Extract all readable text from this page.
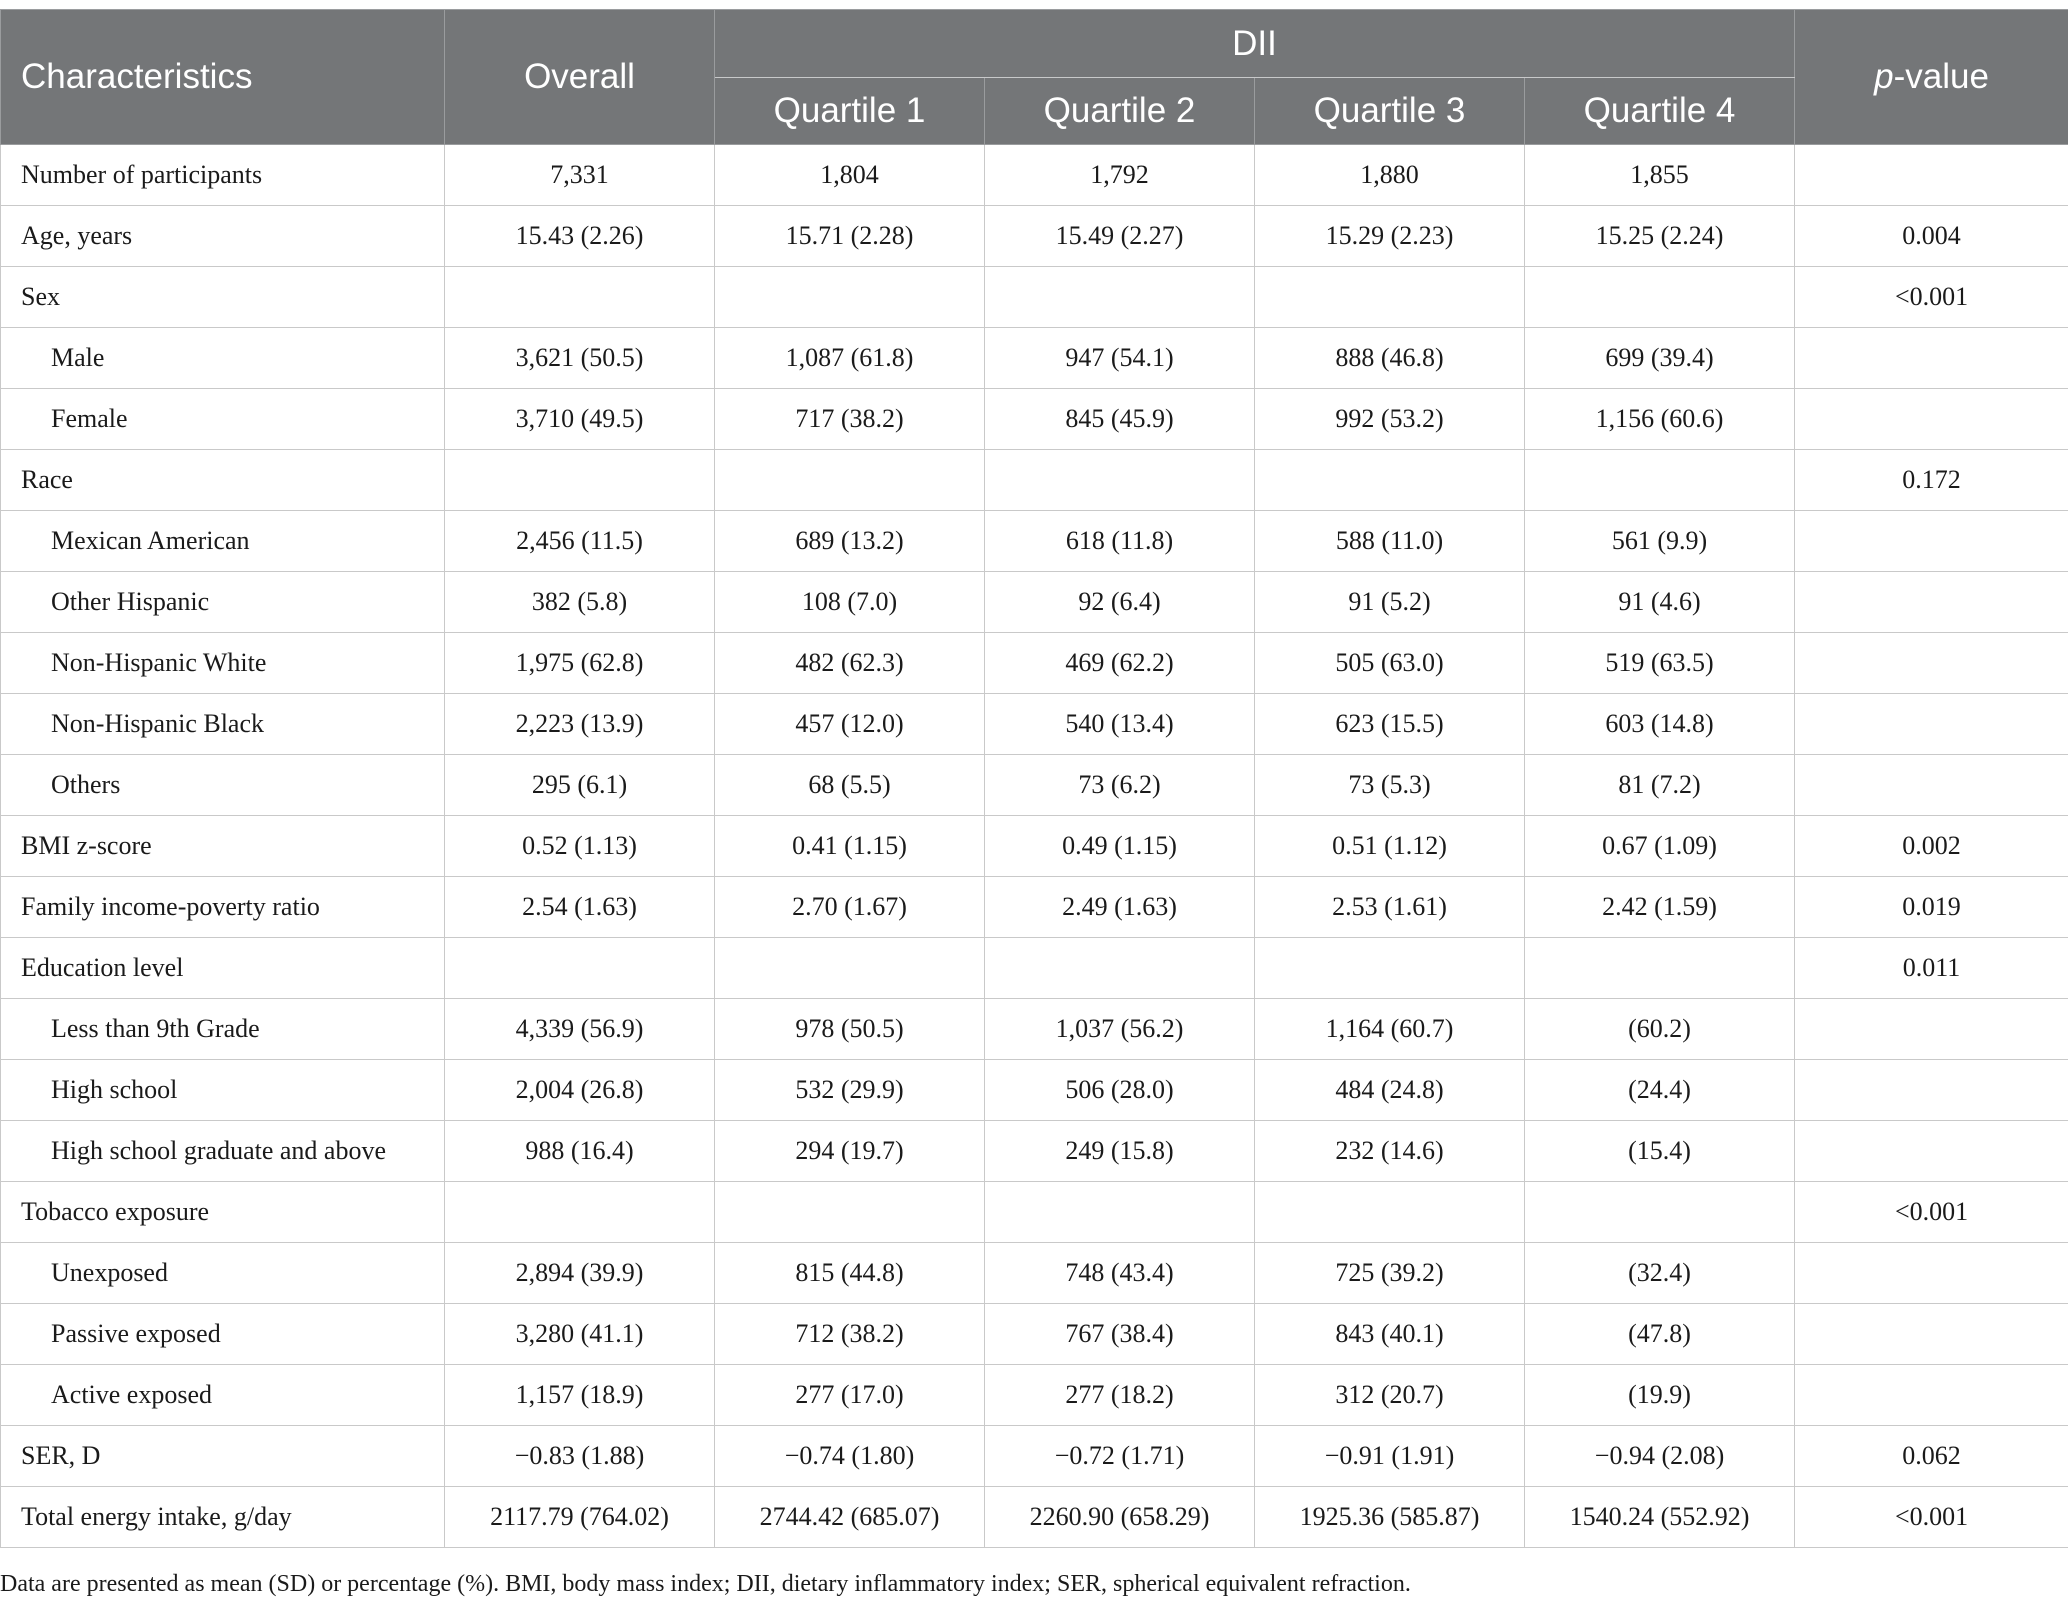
Characteristics	Overall	DII				p-value
		Quartile 1	Quartile 2	Quartile 3	Quartile 4	
Number of participants	7,331	1,804	1,792	1,880	1,855	
Age, years	15.43 (2.26)	15.71 (2.28)	15.49 (2.27)	15.29 (2.23)	15.25 (2.24)	0.004
Sex						<0.001
Male	3,621 (50.5)	1,087 (61.8)	947 (54.1)	888 (46.8)	699 (39.4)	
Female	3,710 (49.5)	717 (38.2)	845 (45.9)	992 (53.2)	1,156 (60.6)	
Race						0.172
Mexican American	2,456 (11.5)	689 (13.2)	618 (11.8)	588 (11.0)	561 (9.9)	
Other Hispanic	382 (5.8)	108 (7.0)	92 (6.4)	91 (5.2)	91 (4.6)	
Non-Hispanic White	1,975 (62.8)	482 (62.3)	469 (62.2)	505 (63.0)	519 (63.5)	
Non-Hispanic Black	2,223 (13.9)	457 (12.0)	540 (13.4)	623 (15.5)	603 (14.8)	
Others	295 (6.1)	68 (5.5)	73 (6.2)	73 (5.3)	81 (7.2)	
BMI z-score	0.52 (1.13)	0.41 (1.15)	0.49 (1.15)	0.51 (1.12)	0.67 (1.09)	0.002
Family income-poverty ratio	2.54 (1.63)	2.70 (1.67)	2.49 (1.63)	2.53 (1.61)	2.42 (1.59)	0.019
Education level						0.011
Less than 9th Grade	4,339 (56.9)	978 (50.5)	1,037 (56.2)	1,164 (60.7)	(60.2)	
High school	2,004 (26.8)	532 (29.9)	506 (28.0)	484 (24.8)	(24.4)	
High school graduate and above	988 (16.4)	294 (19.7)	249 (15.8)	232 (14.6)	(15.4)	
Tobacco exposure						<0.001
Unexposed	2,894 (39.9)	815 (44.8)	748 (43.4)	725 (39.2)	(32.4)	
Passive exposed	3,280 (41.1)	712 (38.2)	767 (38.4)	843 (40.1)	(47.8)	
Active exposed	1,157 (18.9)	277 (17.0)	277 (18.2)	312 (20.7)	(19.9)	
SER, D	−0.83 (1.88)	−0.74 (1.80)	−0.72 (1.71)	−0.91 (1.91)	−0.94 (2.08)	0.062
Total energy intake, g/day	2117.79 (764.02)	2744.42 (685.07)	2260.90 (658.29)	1925.36 (585.87)	1540.24 (552.92)	<0.001
Data are presented as mean (SD) or percentage (%). BMI, body mass index; DII, dietary inflammatory index; SER, spherical equivalent refraction.
